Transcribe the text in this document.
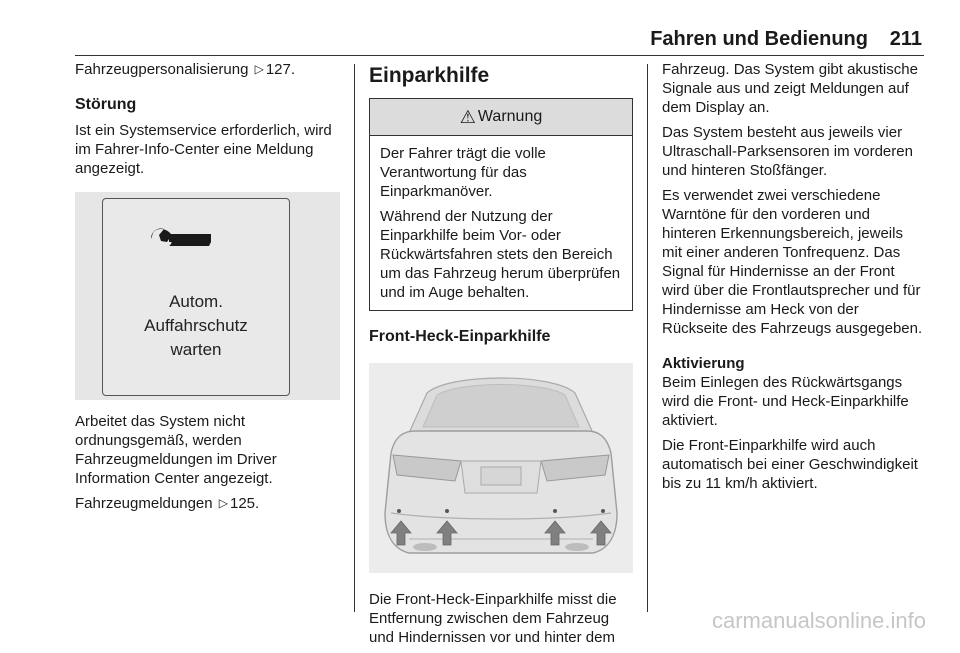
Fahren und Bedienung 211

Fahrzeugpersonalisierung ▷ 127.

Störung

Ist ein Systemservice erforderlich, wird im Fahrer-Info-Center eine Meldung angezeigt.

Autom.
Auffahrschutz
warten

Arbeitet das System nicht ordnungsgemäß, werden Fahrzeugmeldungen im Driver Information Center angezeigt.

Fahrzeugmeldungen ▷ 125.

Einparkhilfe
⚠ Warnung

Der Fahrer trägt die volle Verantwortung für das Einparkmanöver.

Während der Nutzung der Einparkhilfe beim Vor- oder Rückwärtsfahren stets den Bereich um das Fahrzeug herum überprüfen und im Auge behalten.

Front-Heck-Einparkhilfe

Die Front-Heck-Einparkhilfe misst die Entfernung zwischen dem Fahrzeug und Hindernissen vor und hinter dem

Fahrzeug. Das System gibt akustische Signale aus und zeigt Meldungen auf dem Display an.

Das System besteht aus jeweils vier Ultraschall-Parksensoren im vorderen und hinteren Stoßfänger.

Es verwendet zwei verschiedene Warntöne für den vorderen und hinteren Erkennungsbereich, jeweils mit einer anderen Tonfrequenz. Das Signal für Hindernisse an der Front wird über die Frontlautsprecher und für Hindernisse am Heck von der Rückseite des Fahrzeugs ausgegeben.

Aktivierung

Beim Einlegen des Rückwärtsgangs wird die Front- und Heck-Einparkhilfe aktiviert.

Die Front-Einparkhilfe wird auch automatisch bei einer Geschwindigkeit bis zu 11 km/h aktiviert.

carmanualsonline.info
